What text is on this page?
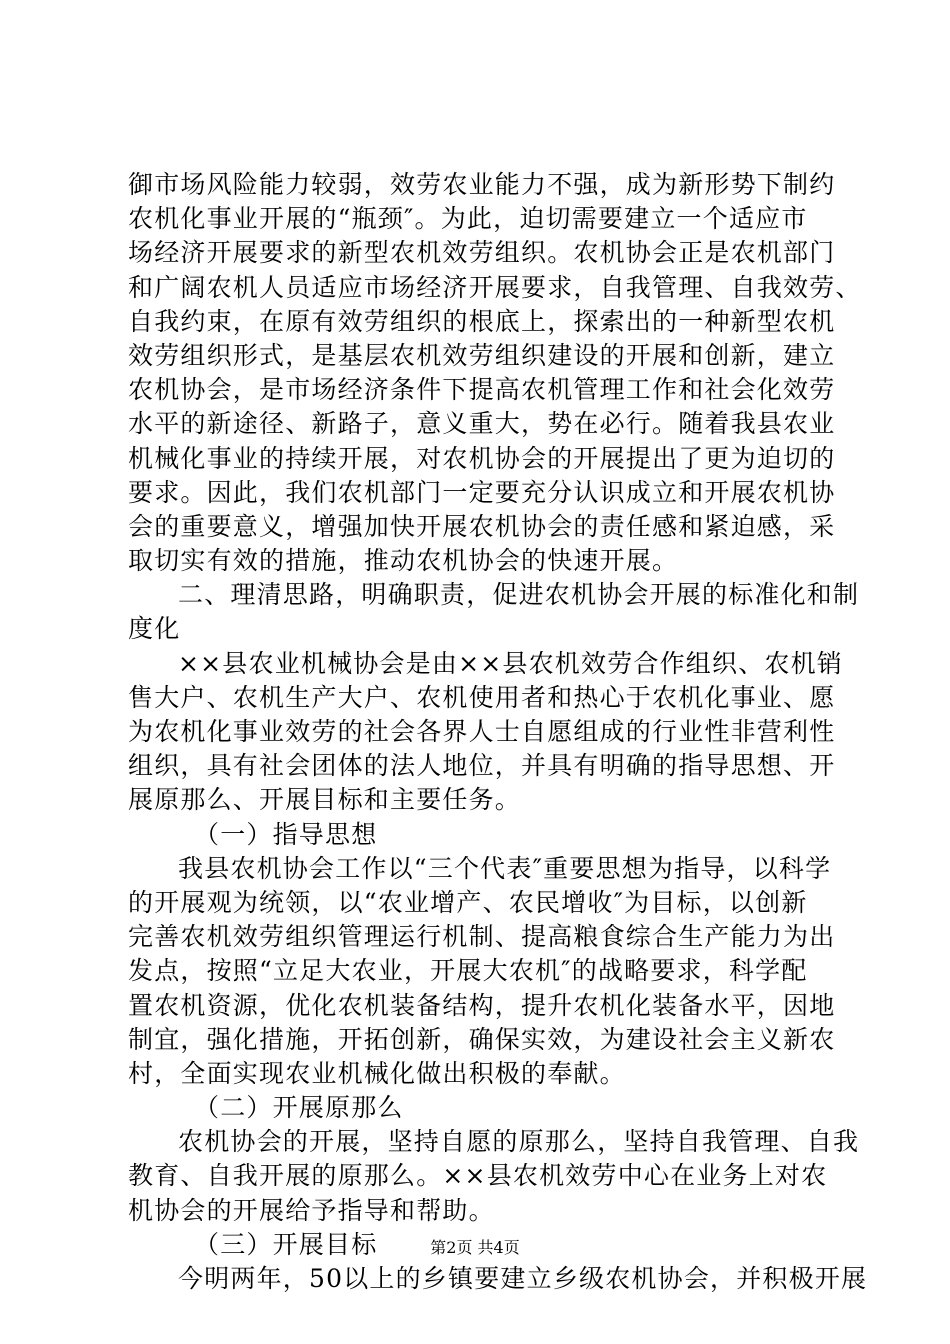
御市场风险能力较弱，效劳农业能力不强，成为新形势下制约
农机化事业开展的“瓶颈″。为此，迫切需要建立一个适应市
场经济开展要求的新型农机效劳组织。农机协会正是农机部门
和广阔农机人员适应市场经济开展要求，自我管理、自我效劳、
自我约束，在原有效劳组织的根底上，探索出的一种新型农机
效劳组织形式，是基层农机效劳组织建设的开展和创新，建立
农机协会，是市场经济条件下提高农机管理工作和社会化效劳
水平的新途径、新路子，意义重大，势在必行。随着我县农业
机械化事业的持续开展，对农机协会的开展提出了更为迫切的
要求。因此，我们农机部门一定要充分认识成立和开展农机协
会的重要意义，增强加快开展农机协会的责任感和紧迫感，采
取切实有效的措施，推动农机协会的快速开展。
二、理清思路，明确职责，促进农机协会开展的标准化和制
度化
××县农业机械协会是由××县农机效劳合作组织、农机销
售大户、农机生产大户、农机使用者和热心于农机化事业、愿
为农机化事业效劳的社会各界人士自愿组成的行业性非营利性
组织，具有社会团体的法人地位，并具有明确的指导思想、开
展原那么、开展目标和主要任务。
（一）指导思想
我县农机协会工作以“三个代表″重要思想为指导，以科学
的开展观为统领，以“农业增产、农民增收″为目标，以创新
完善农机效劳组织管理运行机制、提高粮食综合生产能力为出
发点，按照“立足大农业，开展大农机″的战略要求，科学配
置农机资源，优化农机装备结构，提升农机化装备水平，因地
制宜，强化措施，开拓创新，确保实效，为建设社会主义新农
村，全面实现农业机械化做出积极的奉献。
（二）开展原那么
农机协会的开展，坚持自愿的原那么，坚持自我管理、自我
教育、自我开展的原那么。××县农机效劳中心在业务上对农
机协会的开展给予指导和帮助。
（三）开展目标
今明两年，50以上的乡镇要建立乡级农机协会，并积极开展
第2页 共4页
